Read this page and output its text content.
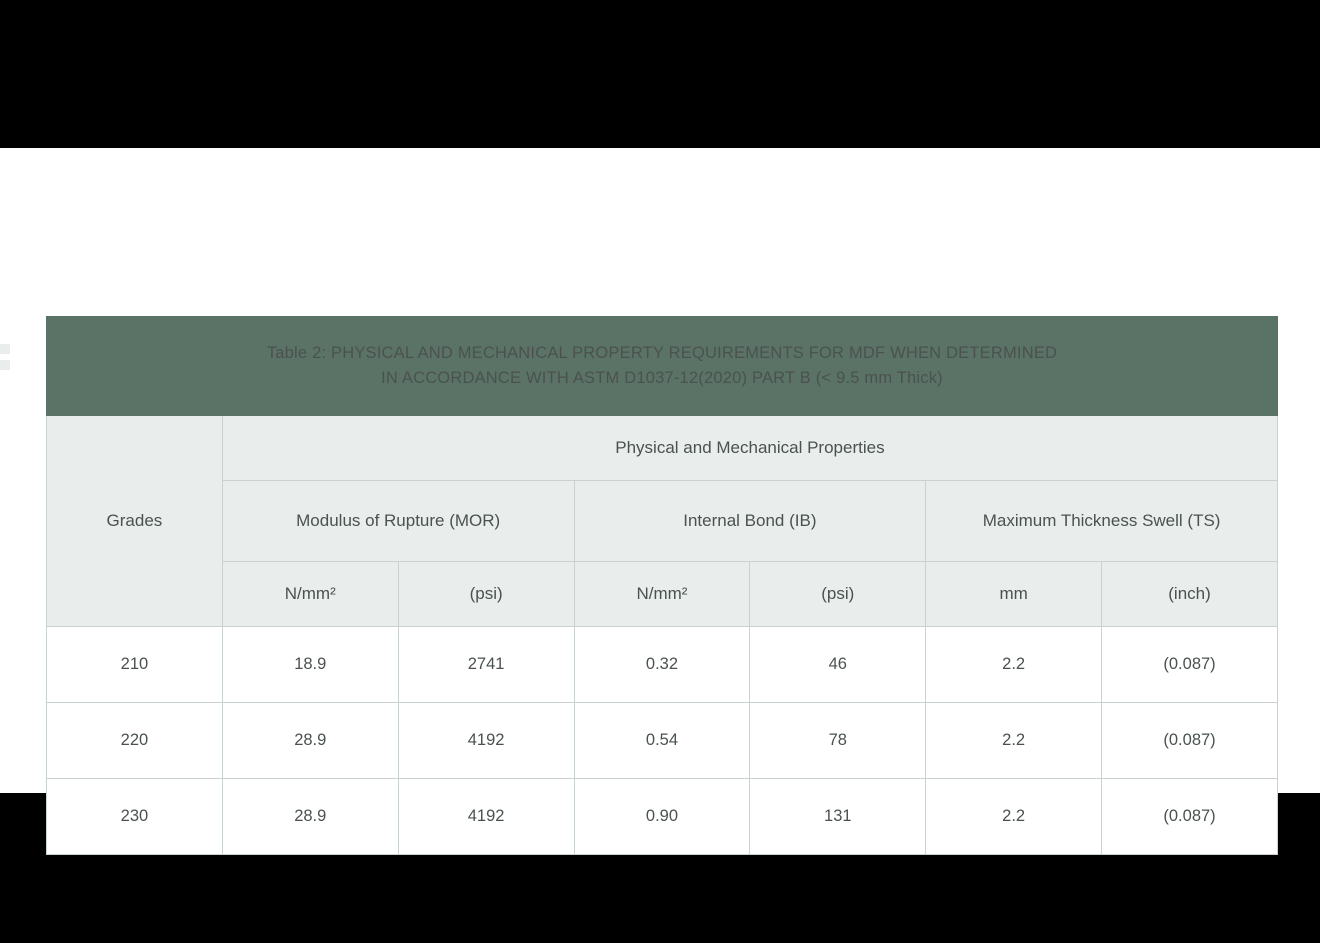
Table 2: PHYSICAL AND MECHANICAL PROPERTY REQUIREMENTS FOR MDF WHEN DETERMINED
IN ACCORDANCE WITH ASTM D1037-12(2020) PART B (< 9.5 mm Thick)						
Grades	Physical and Mechanical Properties					
	Modulus of Rupture (MOR)		Internal Bond (IB)		Maximum Thickness Swell (TS)	
	N/mm²	(psi)	N/mm²	(psi)	mm	(inch)
210	18.9	2741	0.32	46	2.2	(0.087)
220	28.9	4192	0.54	78	2.2	(0.087)
230	28.9	4192	0.90	131	2.2	(0.087)
